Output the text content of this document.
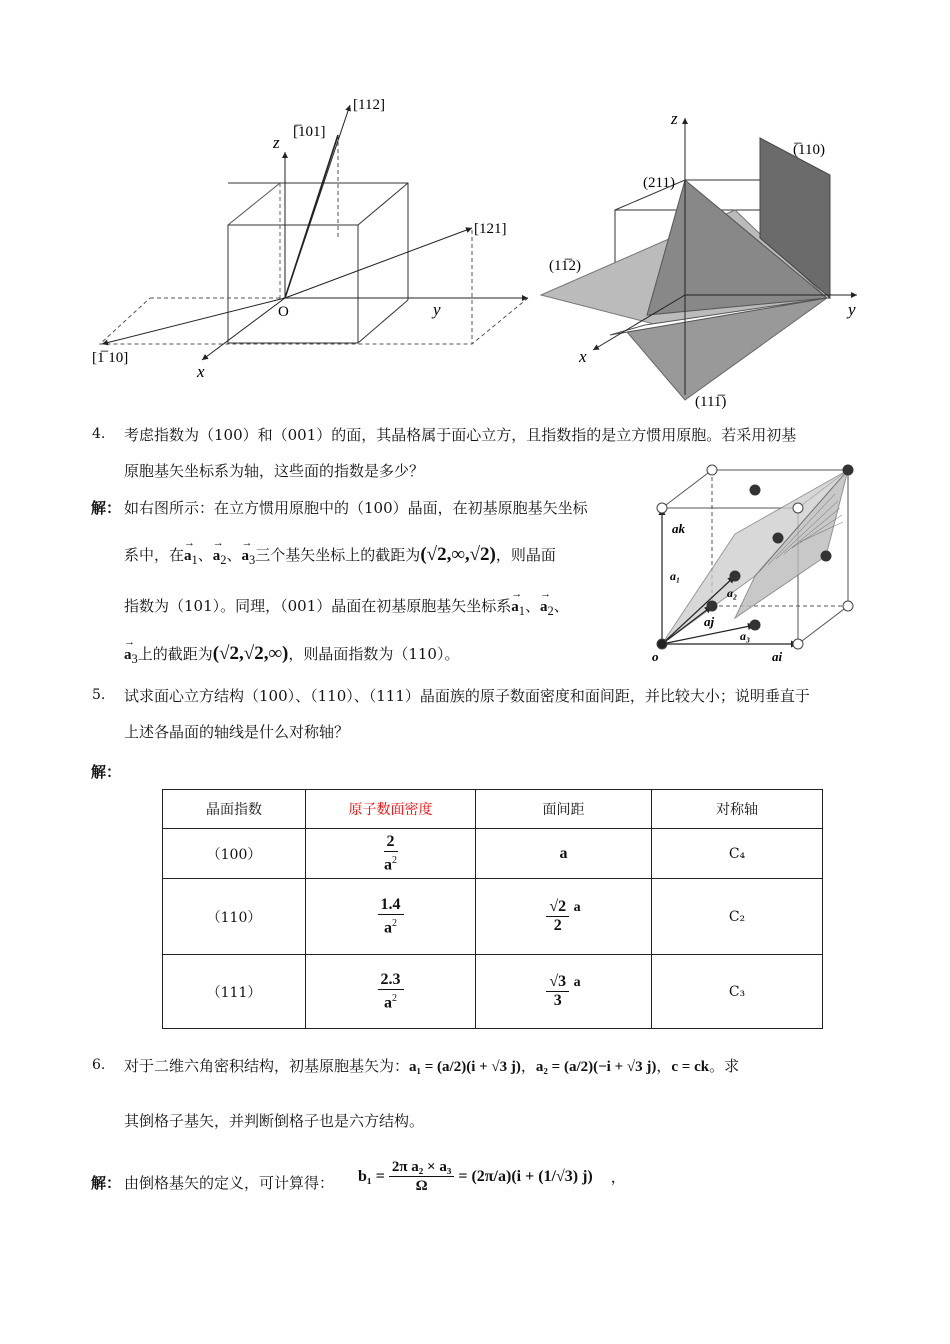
z
x
y
O
[112]
[̅101]
[121]
[1̅ 10]
z
x
y
(̅110)
(211)
(11̅2)
(111̅)
4. 考虑指数为（100）和（001）的面，其晶格属于面心立方，且指数指的是立方惯用原胞。若采用初基
原胞基矢坐标系为轴，这些面的指数是多少？
解： 如右图所示：在立方惯用原胞中的（100）晶面，在初基原胞基矢坐标
系中，在→ $a_1$、→ $a_2$、→ $a_3$三个基矢坐标上的截距为(√2,∞,√2)，则晶面
指数为（101）。同理，（001）晶面在初基原胞基矢坐标系→ $a_1$、→ $a_2$、
→ $a_3$上的截距为(√2,√2,∞)，则晶面指数为（110）。
ak
a₁
a₂
aj
a₃
o	ai
5. 试求面心立方结构（100）、（110）、（111）晶面族的原子数面密度和面间距，并比较大小；说明垂直于
上述各晶面的轴线是什么对称轴？
解：
晶面指数	原子数面密度	面间距	对称轴
（100）	$\frac{2}{a^2}$	a	C₄
（110）	$\frac{1.4}{a^2}$	$\frac{√2}{2}$ a	C₂
（111）	$\frac{2.3}{a^2}$	$\frac{√3}{3}$ a	C₃
6. 对于二维六角密积结构，初基原胞基矢为：a₁ = (a/2)(i + √3 j)，a₂ = (a/2)(−i + √3 j)，c = ck。求
其倒格子基矢，并判断倒格子也是六方结构。
解： 由倒格基矢的定义，可计算得： $b_1 = \frac{\text{2π a₂ × a₃}}{\Omega} = (2\pi/a)(i + (1/√3)$ j) ，
